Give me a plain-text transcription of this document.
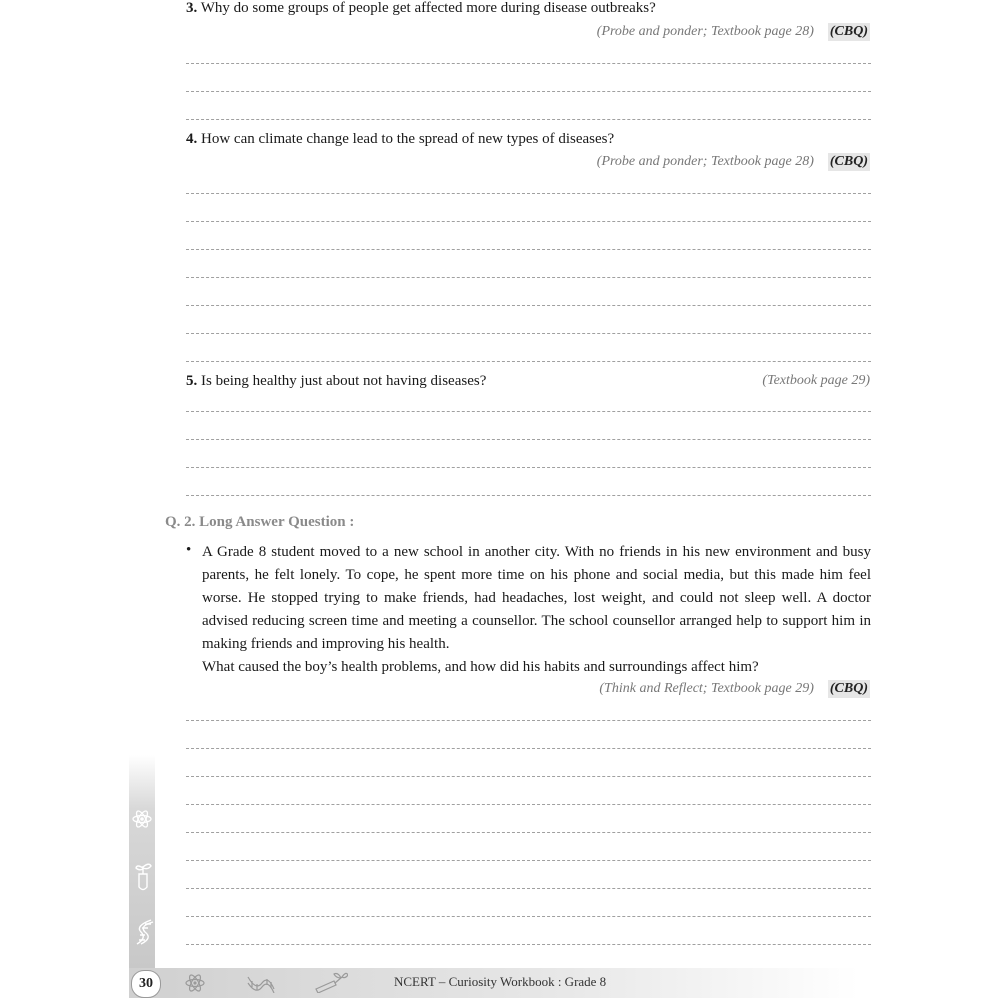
3. Why do some groups of people get affected more during disease outbreaks?
(Probe and ponder; Textbook page 28) (CBQ)
4. How can climate change lead to the spread of new types of diseases?
(Probe and ponder; Textbook page 28) (CBQ)
5. Is being healthy just about not having diseases?	(Textbook page 29)
Q. 2. Long Answer Question :
• A Grade 8 student moved to a new school in another city. With no friends in his new environment and busy parents, he felt lonely. To cope, he spent more time on his phone and social media, but this made him feel worse. He stopped trying to make friends, had headaches, lost weight, and could not sleep well. A doctor advised reducing screen time and meeting a counsellor. The school counsellor arranged help to support him in making friends and improving his health.
What caused the boy’s health problems, and how did his habits and surroundings affect him?
(Think and Reflect; Textbook page 29) (CBQ)
30	NCERT – Curiosity Workbook : Grade 8
